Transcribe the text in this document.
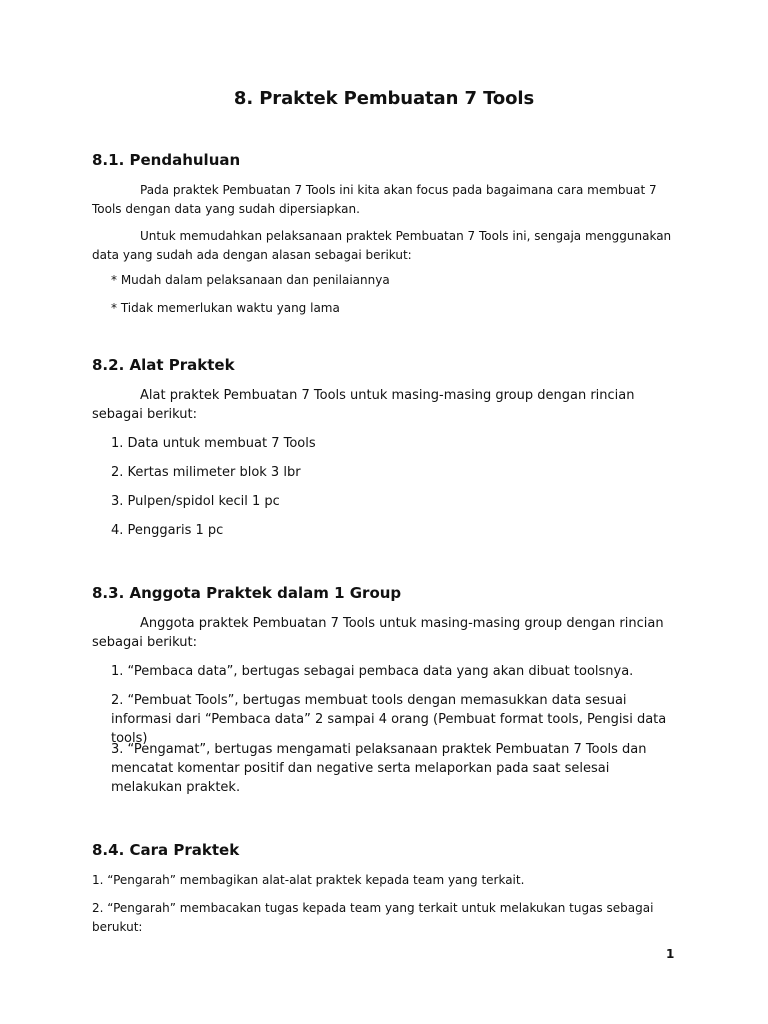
8. Praktek Pembuatan 7 Tools
8.1. Pendahuluan

Pada praktek Pembuatan 7 Tools ini kita akan focus pada bagaimana cara membuat 7 Tools dengan data yang sudah dipersiapkan.

Untuk memudahkan pelaksanaan praktek Pembuatan 7 Tools ini, sengaja menggunakan data yang sudah ada dengan alasan sebagai berikut:

* Mudah dalam pelaksanaan dan penilaiannya

* Tidak memerlukan waktu yang lama

8.2. Alat Praktek

Alat praktek Pembuatan 7 Tools untuk masing-masing group dengan rincian sebagai berikut:

1. Data untuk membuat 7 Tools

2. Kertas milimeter blok 3 lbr

3. Pulpen/spidol kecil 1 pc

4. Penggaris 1 pc

8.3. Anggota Praktek dalam 1 Group

Anggota praktek Pembuatan 7 Tools untuk masing-masing group dengan rincian sebagai berikut:

1. “Pembaca data”, bertugas sebagai pembaca data yang akan dibuat toolsnya.

2. “Pembuat Tools”, bertugas membuat tools dengan memasukkan data sesuai informasi dari “Pembaca data” 2 sampai 4 orang (Pembuat format tools, Pengisi data tools)

3. “Pengamat”, bertugas mengamati pelaksanaan praktek Pembuatan 7 Tools dan mencatat komentar positif dan negative serta melaporkan pada saat selesai melakukan praktek.

8.4. Cara Praktek

1. “Pengarah” membagikan alat-alat praktek kepada team yang terkait.

2. “Pengarah” membacakan tugas kepada team yang terkait untuk melakukan tugas sebagai berukut:

1
